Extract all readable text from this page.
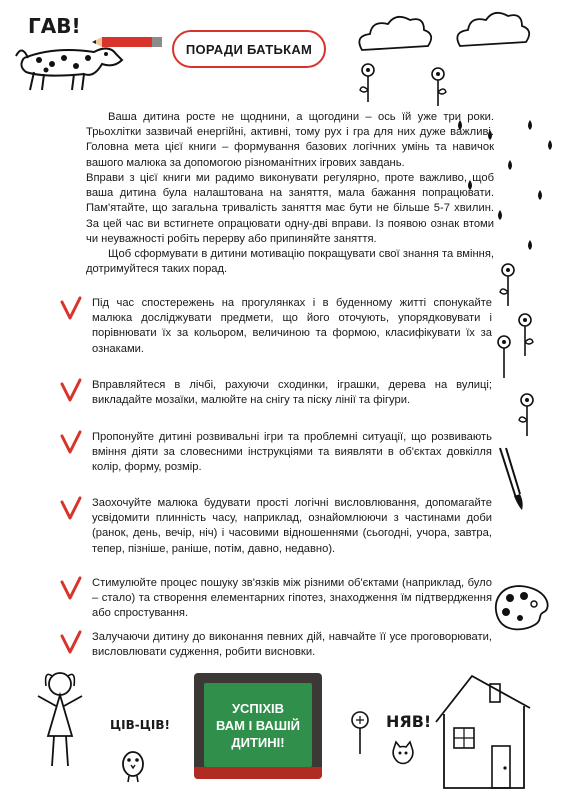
ГАВ!
ПОРАДИ БАТЬКАМ

Ваша дитина росте не щоднини, а щогодини – ось їй уже три роки. Трьохлітки зазвичай енергійні, активні, тому рух і гра для них дуже важливі. Головна мета цієї книги – формування базових логічних умінь та навичок вашого малюка за допомогою різноманітних ігрових завдань.

Вправи з цієї книги ми радимо виконувати регулярно, проте важливо, щоб ваша дитина була налаштована на заняття, мала бажання попрацювати. Пам'ятайте, що загальна тривалість заняття має бути не більше 5-7 хвилин. За цей час ви встигнете опрацювати одну-дві вправи. Із появою ознак втоми чи неуважності робіть перерву або припиняйте заняття.

Щоб сформувати в дитини мотивацію покращувати свої знання та вміння, дотримуйтеся таких порад.

Під час спостережень на прогулянках і в буденному житті спонукайте малюка досліджувати предмети, що його оточують, упорядковувати і порівнювати їх за кольором, величиною та формою, класифікувати їх за ознаками.

Вправляйтеся в лічбі, рахуючи сходинки, іграшки, дерева на вулиці; викладайте мозаїки, малюйте на снігу та піску лінії та фігури.

Пропонуйте дитині розвивальні ігри та проблемні ситуації, що розвивають вміння діяти за словесними інструкціями та виявляти в об'єктах довкілля колір, форму, розмір.

Заохочуйте малюка будувати прості логічні висловлювання, допомагайте усвідомити плинність часу, наприклад, ознайомлюючи з частинами доби (ранок, день, вечір, ніч) і часовими відношеннями (сьогодні, учора, завтра, тепер, пізніше, раніше, потім, давно, недавно).

Стимулюйте процес пошуку зв'язків між різними об'єктами (наприклад, було – стало) та створення елементарних гіпотез, знаходження їм підтвердження або спростування.

Залучаючи дитину до виконання певних дій, навчайте її усе проговорювати, висловлювати судження, робити висновки.

ЦІВ-ЦІВ!
УСПІХІВ
ВАМ І ВАШІЙ
ДИТИНІ!
НЯВ!
